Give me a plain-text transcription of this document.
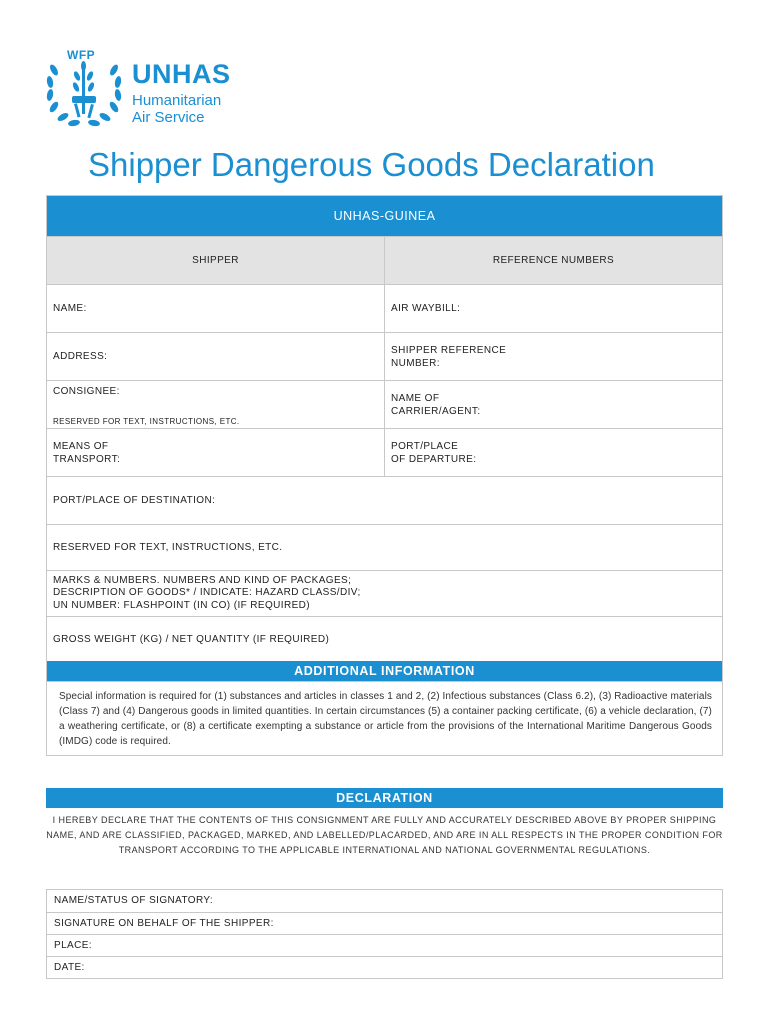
WFP
UNHAS
Humanitarian
Air Service
Shipper Dangerous Goods Declaration
UNHAS-GUINEA
SHIPPER	REFERENCE NUMBERS
NAME:	AIR WAYBILL:
ADDRESS:
SHIPPER REFERENCE
NUMBER:
CONSIGNEE:
RESERVED FOR TEXT, INSTRUCTIONS, ETC.
NAME OF
CARRIER/AGENT:
MEANS OF
TRANSPORT:
PORT/PLACE
OF DEPARTURE:
PORT/PLACE OF DESTINATION:
RESERVED FOR TEXT, INSTRUCTIONS, ETC.
MARKS & NUMBERS. NUMBERS AND KIND OF PACKAGES;
DESCRIPTION OF GOODS* / INDICATE: HAZARD CLASS/DIV;
UN NUMBER: FLASHPOINT (IN CO) (IF REQUIRED)
GROSS WEIGHT (KG) / NET QUANTITY (IF REQUIRED)
ADDITIONAL INFORMATION
Special information is required for (1) substances and articles in classes 1 and 2, (2) Infectious substances (Class 6.2), (3) Radioactive materials (Class 7) and (4) Dangerous goods in limited quantities. In certain circumstances (5) a container packing certificate, (6) a vehicle declaration, (7) a weathering certificate, or (8) a certificate exempting a substance or article from the provisions of the International Maritime Dangerous Goods (IMDG) code is required.
DECLARATION
I HEREBY DECLARE THAT THE CONTENTS OF THIS CONSIGNMENT ARE FULLY AND ACCURATELY DESCRIBED ABOVE BY PROPER SHIPPING NAME, AND ARE CLASSIFIED, PACKAGED, MARKED, AND LABELLED/PLACARDED, AND ARE IN ALL RESPECTS IN THE PROPER CONDITION FOR TRANSPORT ACCORDING TO THE APPLICABLE INTERNATIONAL AND NATIONAL GOVERNMENTAL REGULATIONS.
NAME/STATUS OF SIGNATORY:
SIGNATURE ON BEHALF OF THE SHIPPER:
PLACE:
DATE:
